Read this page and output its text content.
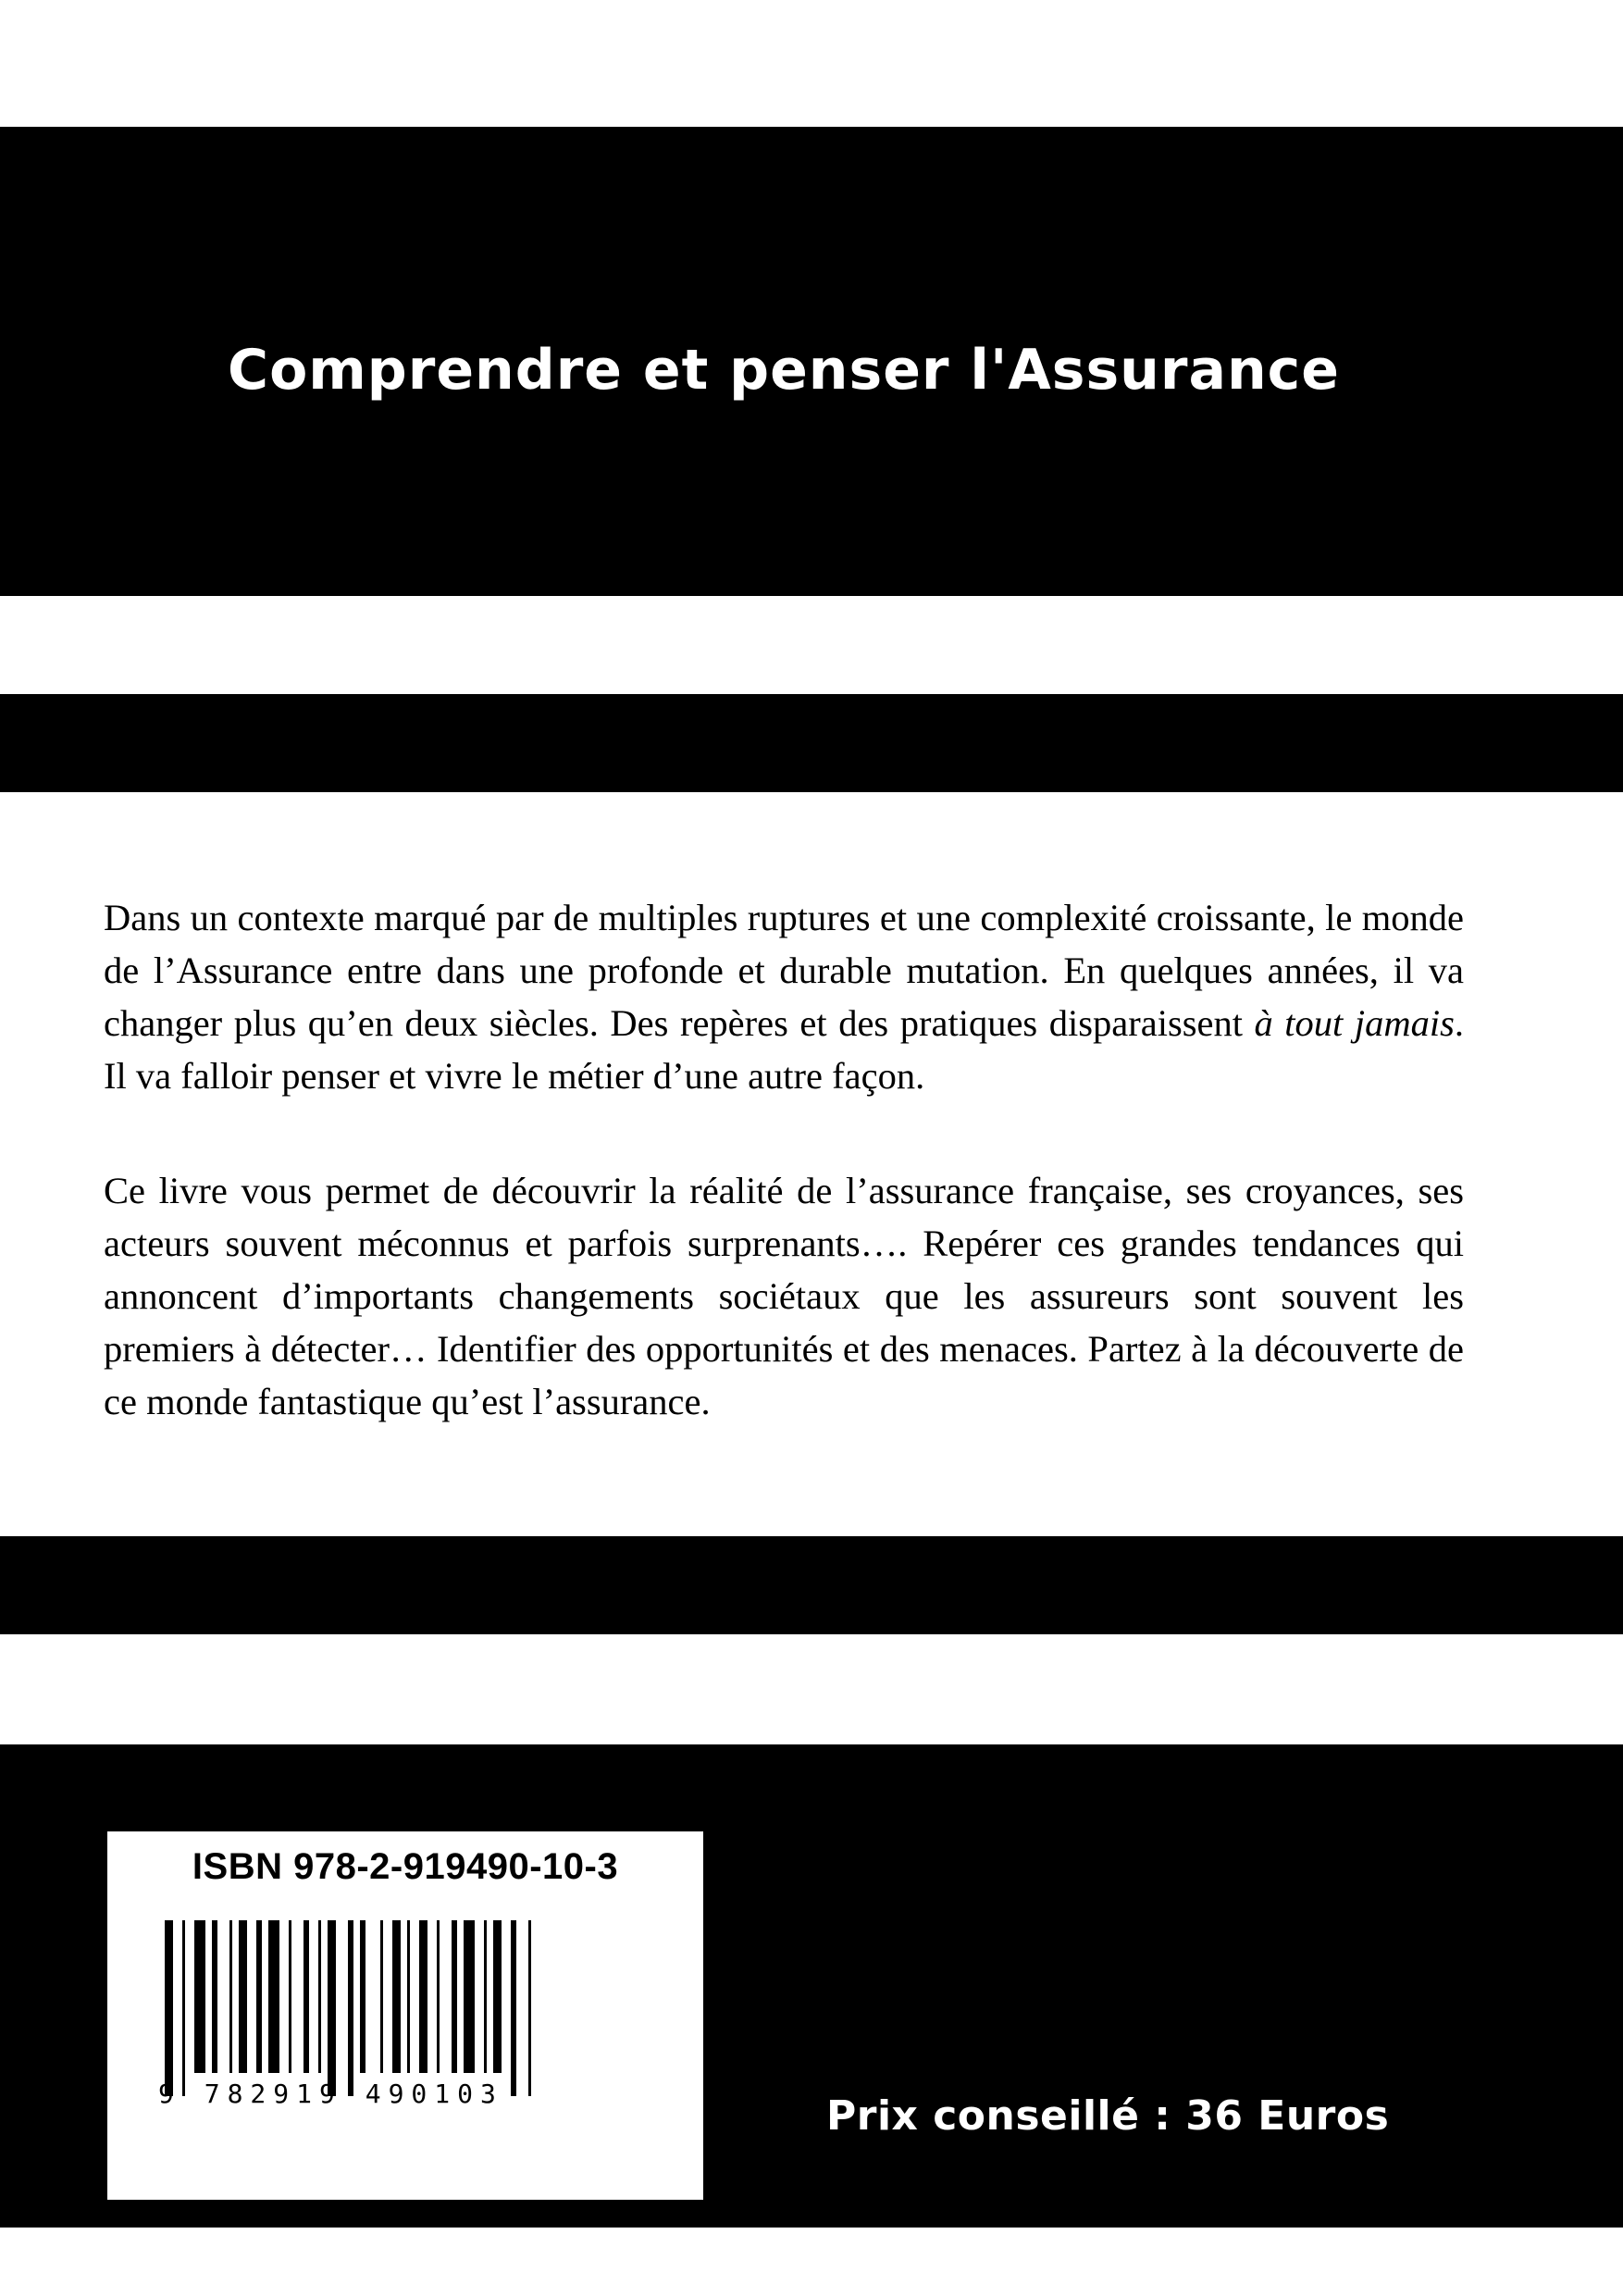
Comprendre et penser l'Assurance

Dans un contexte marqué par de multiples ruptures et une complexité croissante, le monde de l’Assurance entre dans une profonde et durable mutation. En quelques années, il va changer plus qu’en deux siècles. Des repères et des pratiques disparaissent à tout jamais. Il va falloir penser et vivre le métier d’une autre façon.

Ce livre vous permet de découvrir la réalité de l’assurance française, ses croyances, ses acteurs souvent méconnus et parfois surprenants…. Repérer ces grandes tendances qui annoncent d’importants changements sociétaux que les assureurs sont souvent les premiers à détecter… Identifier des opportunités et des menaces. Partez à la découverte de ce monde fantastique qu’est l’assurance.

ISBN 978-2-919490-10-3
9 782919 490103	Prix conseillé : 36 Euros
